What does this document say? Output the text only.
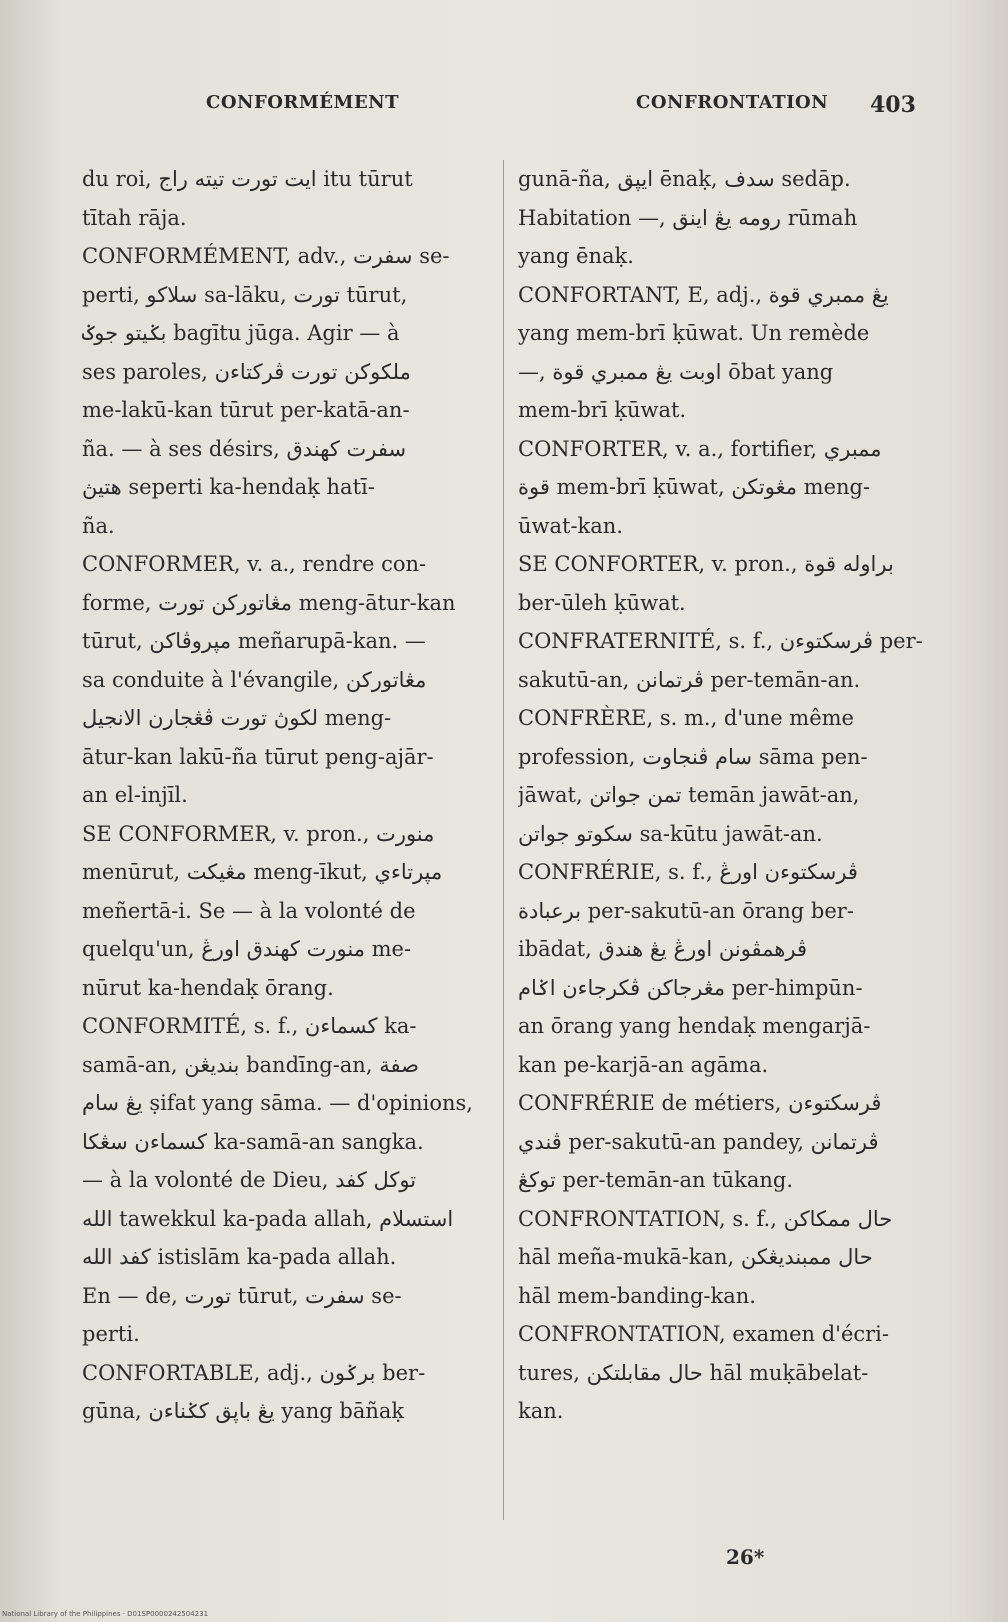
CONFORMÉMENT	CONFRONTATION 403
du roi, ايت تورت تيته راج itu tūrut
tītah rāja.
CONFORMÉMENT, adv., سفرت se-
perti, سلاكو sa-lāku, تورت tūrut,
بݢيتو جوݢ bagītu jūga. Agir — à
ses paroles, ملكوكن تورت ڤركتاءن
me-lakū-kan tūrut per-katā-an-
ña. — à ses désirs, سفرت كهندق
هتيڽ seperti ka-hendaḳ hatī-
ña.
CONFORMER, v. a., rendre con-
forme, مڠاتوركن تورت meng-ātur-kan
tūrut, مڽروڤاكن meñarupā-kan. —
sa conduite à l'évangile, مڠاتوركن
لكوڽ تورت ڤڠجارن الانجيل meng-
ātur-kan lakū-ña tūrut peng-ajār-
an el-injīl.
SE CONFORMER, v. pron., منورت
menūrut, مڠيكت meng-īkut, مڽرتاءي
meñertā-i. Se — à la volonté de
quelqu'un, منورت كهندق اورڠ me-
nūrut ka-hendaḳ ōrang.
CONFORMITÉ, s. f., كسماءن ka-
samā-an, بنديڠن bandīng-an, صفة
يڠ سام ṣifat yang sāma. — d'opinions,
كسماءن سڠكا ka-samā-an sangka.
— à la volonté de Dieu, توكل كفد
الله tawekkul ka-pada allah, استسلام
كفد الله istislām ka-pada allah.
En — de, تورت tūrut, سفرت se-
perti.
CONFORTABLE, adj., برݢون ber-
gūna, يڠ باڽق كݢناءن yang bāñaḳ
gunā-ña, ايڽق ēnaḳ, سدف sedāp.
Habitation —, رومه يڠ اينق rūmah
yang ēnaḳ.
CONFORTANT, E, adj., يڠ ممبري قوة
yang mem-brī ḳūwat. Un remède
—, اوبت يڠ ممبري قوة ōbat yang
mem-brī ḳūwat.
CONFORTER, v. a., fortifier, ممبري
قوة mem-brī ḳūwat, مڠوتكن meng-
ūwat-kan.
SE CONFORTER, v. pron., براوله قوة
ber-ūleh ḳūwat.
CONFRATERNITÉ, s. f., ڤرسكتوءن per-
sakutū-an, ڤرتمانن per-temān-an.
CONFRÈRE, s. m., d'une même
profession, سام ڤنجاوت sāma pen-
jāwat, تمن جواتن temān jawāt-an,
سكوتو جواتن sa-kūtu jawāt-an.
CONFRÉRIE, s. f., ڤرسكتوءن اورڠ
برعبادة per-sakutū-an ōrang ber-
ibādat, ڤرهمڤونن اورڠ يڠ هندق
مڠرجاكن ڤكرجاءن اݢام per-himpūn-
an ōrang yang hendaḳ mengarjā-
kan pe-karjā-an agāma.
CONFRÉRIE de métiers, ڤرسكتوءن
ڤندي per-sakutū-an pandey, ڤرتمانن
توكڠ per-temān-an tūkang.
CONFRONTATION, s. f., حال ممكاكن
hāl meña-mukā-kan, حال ممبنديڠكن
hāl mem-banding-kan.
CONFRONTATION, examen d'écri-
tures, حال مقابلتكن hāl muḳābelat-
kan.
26*
National Library of the Philippines · D01SP0000242504231
